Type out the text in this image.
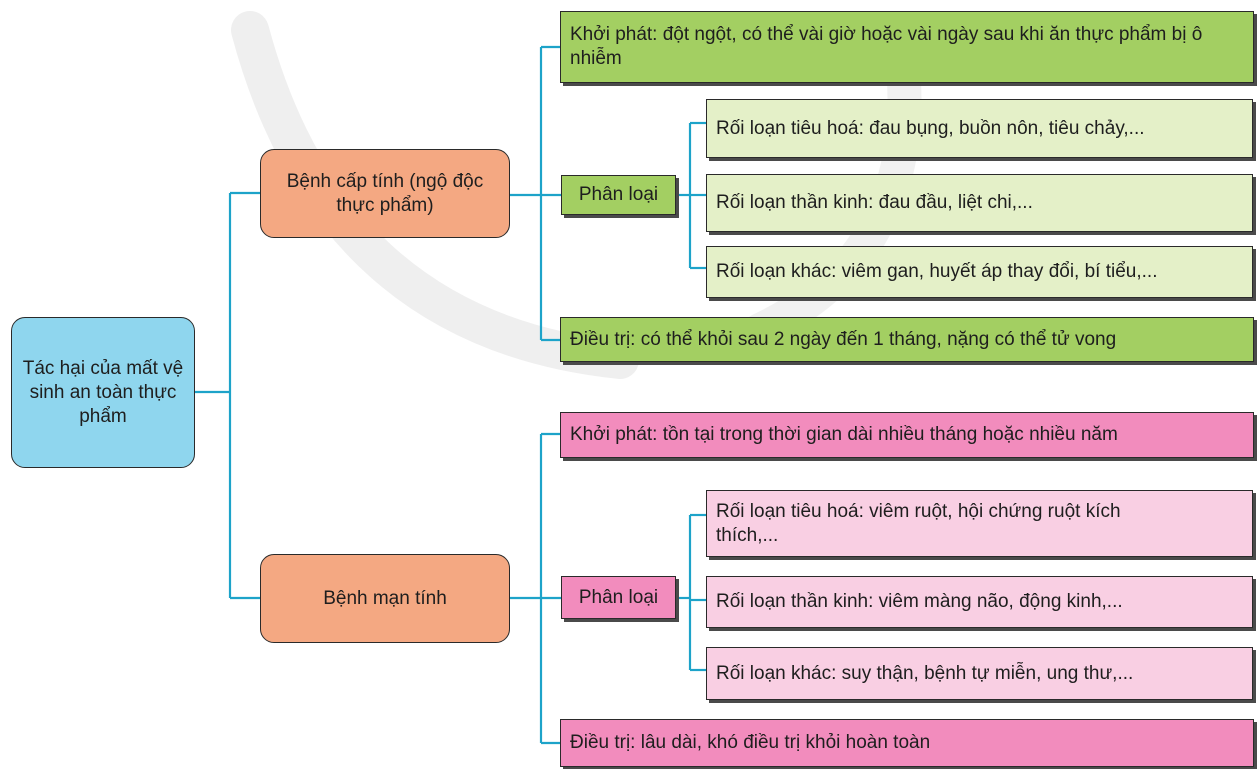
Tác hại của mất vệ sinh an toàn thực phẩm
Bệnh cấp tính (ngộ độc thực phẩm)
Bệnh mạn tính
Khởi phát: đột ngột, có thể vài giờ hoặc vài ngày sau khi ăn thực phẩm bị ô nhiễm
Phân loại
Rối loạn tiêu hoá: đau bụng, buồn nôn, tiêu chảy,...
Rối loạn thần kinh: đau đầu, liệt chi,...
Rối loạn khác: viêm gan, huyết áp thay đổi, bí tiểu,...
Điều trị: có thể khỏi sau 2 ngày đến 1 tháng, nặng có thể tử vong
Khởi phát: tồn tại trong thời gian dài nhiều tháng hoặc nhiều năm
Phân loại
Rối loạn tiêu hoá: viêm ruột, hội chứng ruột kích thích,...
Rối loạn thần kinh: viêm màng não, động kinh,...
Rối loạn khác: suy thận, bệnh tự miễn, ung thư,...
Điều trị: lâu dài, khó điều trị khỏi hoàn toàn
